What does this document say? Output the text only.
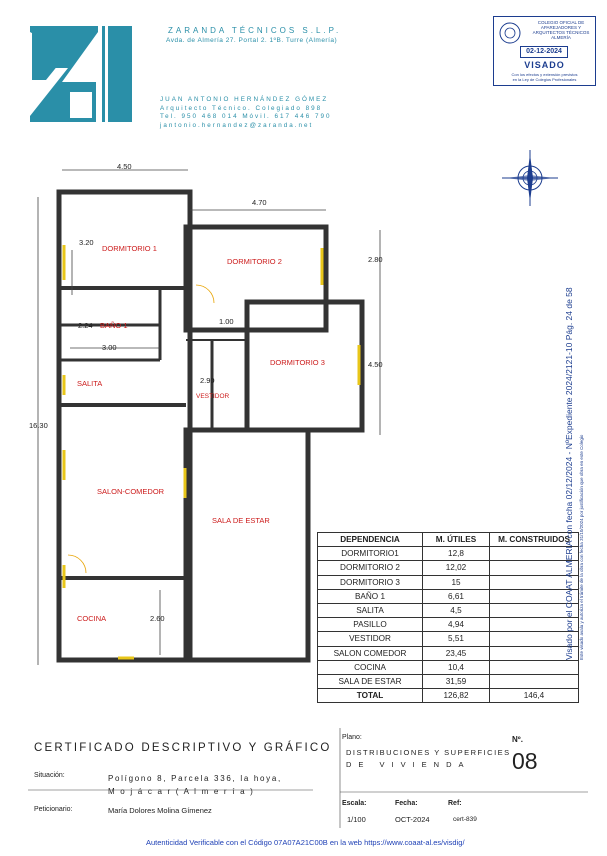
ZARANDA TÉCNICOS S.L.P.
Avda. de Almería 27. Portal 2. 1ºB. Turre (Almería)
JUAN ANTONIO HERNÁNDEZ GÓMEZ
Arquitecto Técnico. Colegiado 898
Tel. 950 468 014 Móvil. 617 446 790
jantonio.hernandez@zaranda.net
COLEGIO OFICIAL DE
APAREJADORES Y
ARQUITECTOS TÉCNICOS
ALMERÍA
02-12-2024
VISADO
Con los efectos y extensión previstos
en la Ley de Colegios Profesionales
DORMITORIO 1
DORMITORIO 2
DORMITORIO 3
BAÑO 1
SALITA
VESTIDOR
SALON-COMEDOR
SALA DE ESTAR
COCINA
4.50
4.70
16.30
2.80
4.50
3.20
2.24
3.00
1.00
2.90
2.60
DEPENDENCIA	M. ÚTILES	M. CONSTRUIDOS
DORMITORIO1	12,8	
DORMITORIO 2	12,02	
DORMITORIO 3	15	
BAÑO 1	6,61	
SALITA	4,5	
PASILLO	4,94	
VESTIDOR	5,51	
SALON COMEDOR	23,45	
COCINA	10,4	
SALA DE ESTAR	31,59	
TOTAL	126,82	146,4
Visado por el COAAT ALMERIA con fecha 02/12/2024 - NºExpediente 2024/2121-10 Pág. 24 de 58 Este visado avala y autoriza el trámite de la obra con fecha 31/10/2024 por justificación que obra en este Colegio
CERTIFICADO DESCRIPTIVO Y GRÁFICO
Situación:	Polígono 8, Parcela 336, la hoya,
M o j á c a r ( A l m e r í a )
Peticionario:	María Dolores Molina Gímenez
Plano:
DISTRIBUCIONES Y SUPERFICIES
DE VIVIENDA
Nº.
08
Escala:
1/100
Fecha:
OCT-2024
Ref:
cert-839
Autenticidad Verificable con el Código 07A07A21C00B en la web https://www.coaat-al.es/visdig/
